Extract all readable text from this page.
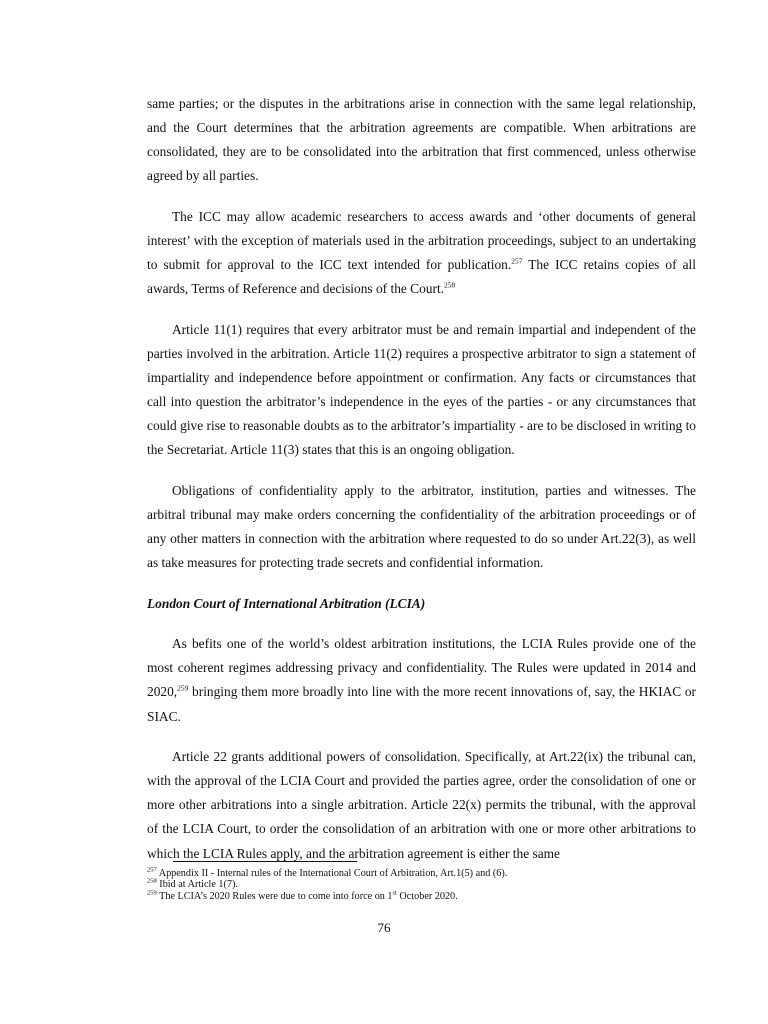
same parties; or the disputes in the arbitrations arise in connection with the same legal relationship, and the Court determines that the arbitration agreements are compatible. When arbitrations are consolidated, they are to be consolidated into the arbitration that first commenced, unless otherwise agreed by all parties.

The ICC may allow academic researchers to access awards and ‘other documents of general interest’ with the exception of materials used in the arbitration proceedings, subject to an undertaking to submit for approval to the ICC text intended for publication.$^{257}$ The ICC retains copies of all awards, Terms of Reference and decisions of the Court.$^{258}$

Article 11(1) requires that every arbitrator must be and remain impartial and independent of the parties involved in the arbitration. Article 11(2) requires a prospective arbitrator to sign a statement of impartiality and independence before appointment or confirmation. Any facts or circumstances that call into question the arbitrator’s independence in the eyes of the parties - or any circumstances that could give rise to reasonable doubts as to the arbitrator’s impartiality - are to be disclosed in writing to the Secretariat. Article 11(3) states that this is an ongoing obligation.

Obligations of confidentiality apply to the arbitrator, institution, parties and witnesses. The arbitral tribunal may make orders concerning the confidentiality of the arbitration proceedings or of any other matters in connection with the arbitration where requested to do so under Art.22(3), as well as take measures for protecting trade secrets and confidential information.

London Court of International Arbitration (LCIA)

As befits one of the world’s oldest arbitration institutions, the LCIA Rules provide one of the most coherent regimes addressing privacy and confidentiality. The Rules were updated in 2014 and 2020,$^{259}$ bringing them more broadly into line with the more recent innovations of, say, the HKIAC or SIAC.

Article 22 grants additional powers of consolidation. Specifically, at Art.22(ix) the tribunal can, with the approval of the LCIA Court and provided the parties agree, order the consolidation of one or more other arbitrations into a single arbitration. Article 22(x) permits the tribunal, with the approval of the LCIA Court, to order the consolidation of an arbitration with one or more other arbitrations to which the LCIA Rules apply, and the arbitration agreement is either the same

$^{257}$ Appendix II - Internal rules of the International Court of Arbitration, Art.1(5) and (6).
$^{258}$ Ibid at Article 1(7).
$^{259}$ The LCIA’s 2020 Rules were due to come into force on 1st October 2020.
76
